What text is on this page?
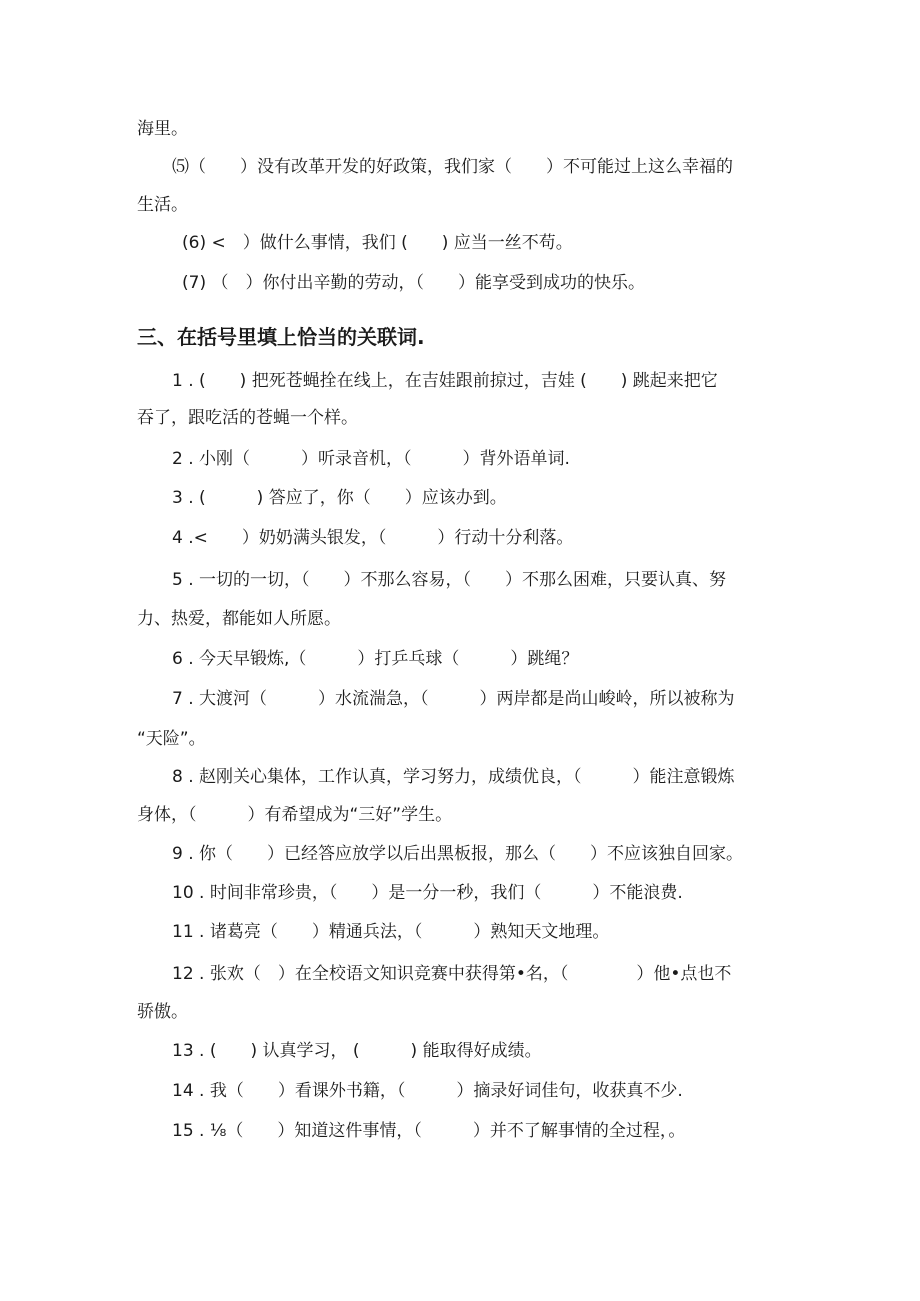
海里。
⑸（　　）没有改革开发的好政策，我们家（　　）不可能过上这么幸福的
生活。
(6) <　）做什么事情，我们 (　　) 应当一丝不苟。
(7) （　）你付出辛勤的劳动，（　　）能享受到成功的快乐。
三、在括号里填上恰当的关联词.
1 . (　　) 把死苍蝇拴在线上，在吉娃跟前掠过，吉娃 (　　) 跳起来把它
吞了，跟吃活的苍蝇一个样。
2 . 小刚（　　　）听录音机，（　　　）背外语单词.
3 . (　　　) 答应了，你（　　）应该办到。
4 .<　　）奶奶满头银发，（　　　）行动十分利落。
5 . 一切的一切，（　　）不那么容易，（　　）不那么困难，只要认真、努
力、热爱，都能如人所愿。
6 . 今天早锻炼,（　　　）打乒乓球（　　　）跳绳？
7 . 大渡河（　　　）水流湍急，（　　　）两岸都是尚山峻岭，所以被称为
“天险”。
8 . 赵刚关心集体，工作认真，学习努力，成绩优良，（　　　）能注意锻炼
身体，（　　　）有希望成为“三好”学生。
9 . 你（　　）已经答应放学以后出黑板报，那么（　　）不应该独自回家。
10 . 时间非常珍贵，（　　）是一分一秒，我们（　　　）不能浪费.
11 . 诸葛亮（　　）精通兵法，（　　　）熟知天文地理。
12 . 张欢（　）在全校语文知识竞赛中获得第•名，（　　　　）他•点也不
骄傲。
13 . (　　) 认真学习， (　　　) 能取得好成绩。
14 . 我（　　）看课外书籍，（　　　）摘录好词佳句，收获真不少.
15 . ⅛（　　）知道这件事情，（　　　）并不了解事情的全过程，。
